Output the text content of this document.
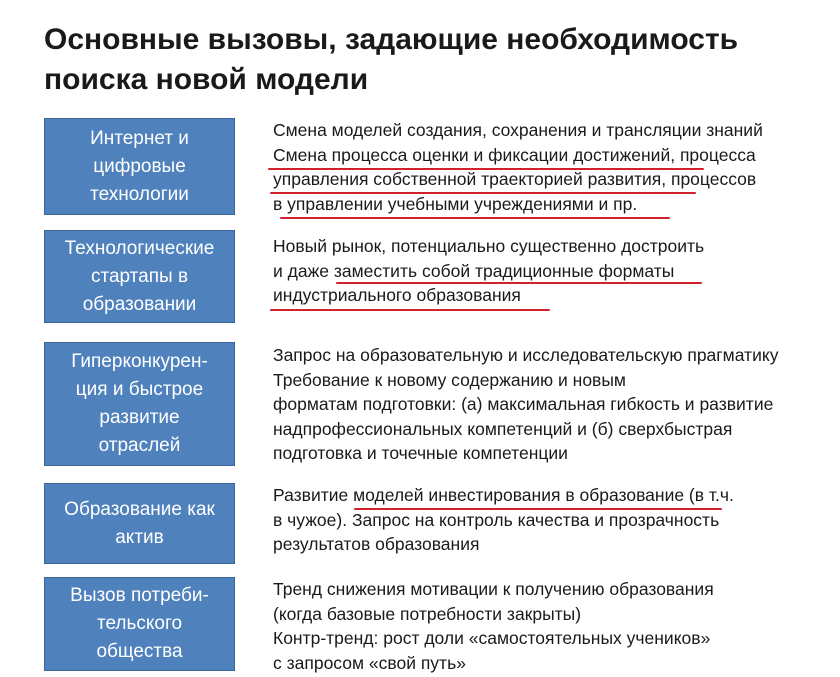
Основные вызовы, задающие необходимость
поиска новой модели
Интернет и
цифровые
технологии
Смена моделей создания, сохранения и трансляции знаний
Смена процесса оценки и фиксации достижений, процесса
управления собственной траекторией развития, процессов
в управлении учебными учреждениями и пр.
Технологические
стартапы в
образовании
Новый рынок, потенциально существенно достроить
и даже заместить собой традиционные форматы
индустриального образования
Гиперконкурен-
ция и быстрое
развитие
отраслей
Запрос на образовательную и исследовательскую прагматику
Требование к новому содержанию и новым
форматам подготовки: (а) максимальная гибкость и развитие
надпрофессиональных компетенций и (б) сверхбыстрая
подготовка и точечные компетенции
Образование как
актив
Развитие моделей инвестирования в образование (в т.ч.
в чужое). Запрос на контроль качества и прозрачность
результатов образования
Вызов потреби-
тельского
общества
Тренд снижения мотивации к получению образования
(когда базовые потребности закрыты)
Контр-тренд: рост доли «самостоятельных учеников»
с запросом «свой путь»
